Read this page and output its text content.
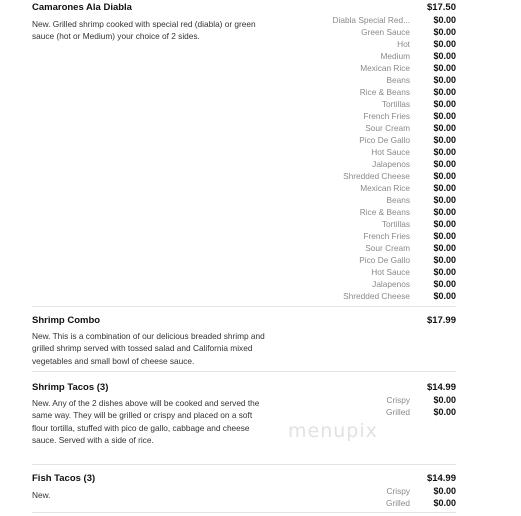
Camarones Ala Diabla	$17.50
New. Grilled shrimp cooked with special red (diabla) or green sauce (hot or Medium) your choice of 2 sides.
Diabla Special Red...	$0.00
Green Sauce	$0.00
Hot	$0.00
Medium	$0.00
Mexican Rice	$0.00
Beans	$0.00
Rice & Beans	$0.00
Tortillas	$0.00
French Fries	$0.00
Sour Cream	$0.00
Pico De Gallo	$0.00
Hot Sauce	$0.00
Jalapenos	$0.00
Shredded Cheese	$0.00
Mexican Rice	$0.00
Beans	$0.00
Rice & Beans	$0.00
Tortillas	$0.00
French Fries	$0.00
Sour Cream	$0.00
Pico De Gallo	$0.00
Hot Sauce	$0.00
Jalapenos	$0.00
Shredded Cheese	$0.00
Shrimp Combo	$17.99
New. This is a combination of our delicious breaded shrimp and grilled shrimp served with tossed salad and California mixed vegetables and small bowl of cheese sauce.
Shrimp Tacos (3)	$14.99
New. Any of the 2 dishes above will be cooked and served the same way. They will be grilled or crispy and placed on a soft flour tortilla, stuffed with pico de gallo, cabbage and cheese sauce. Served with a side of rice.
Crispy	$0.00
Grilled	$0.00
Fish Tacos (3)	$14.99
New.	Crispy	$0.00
Grilled	$0.00
menupix
